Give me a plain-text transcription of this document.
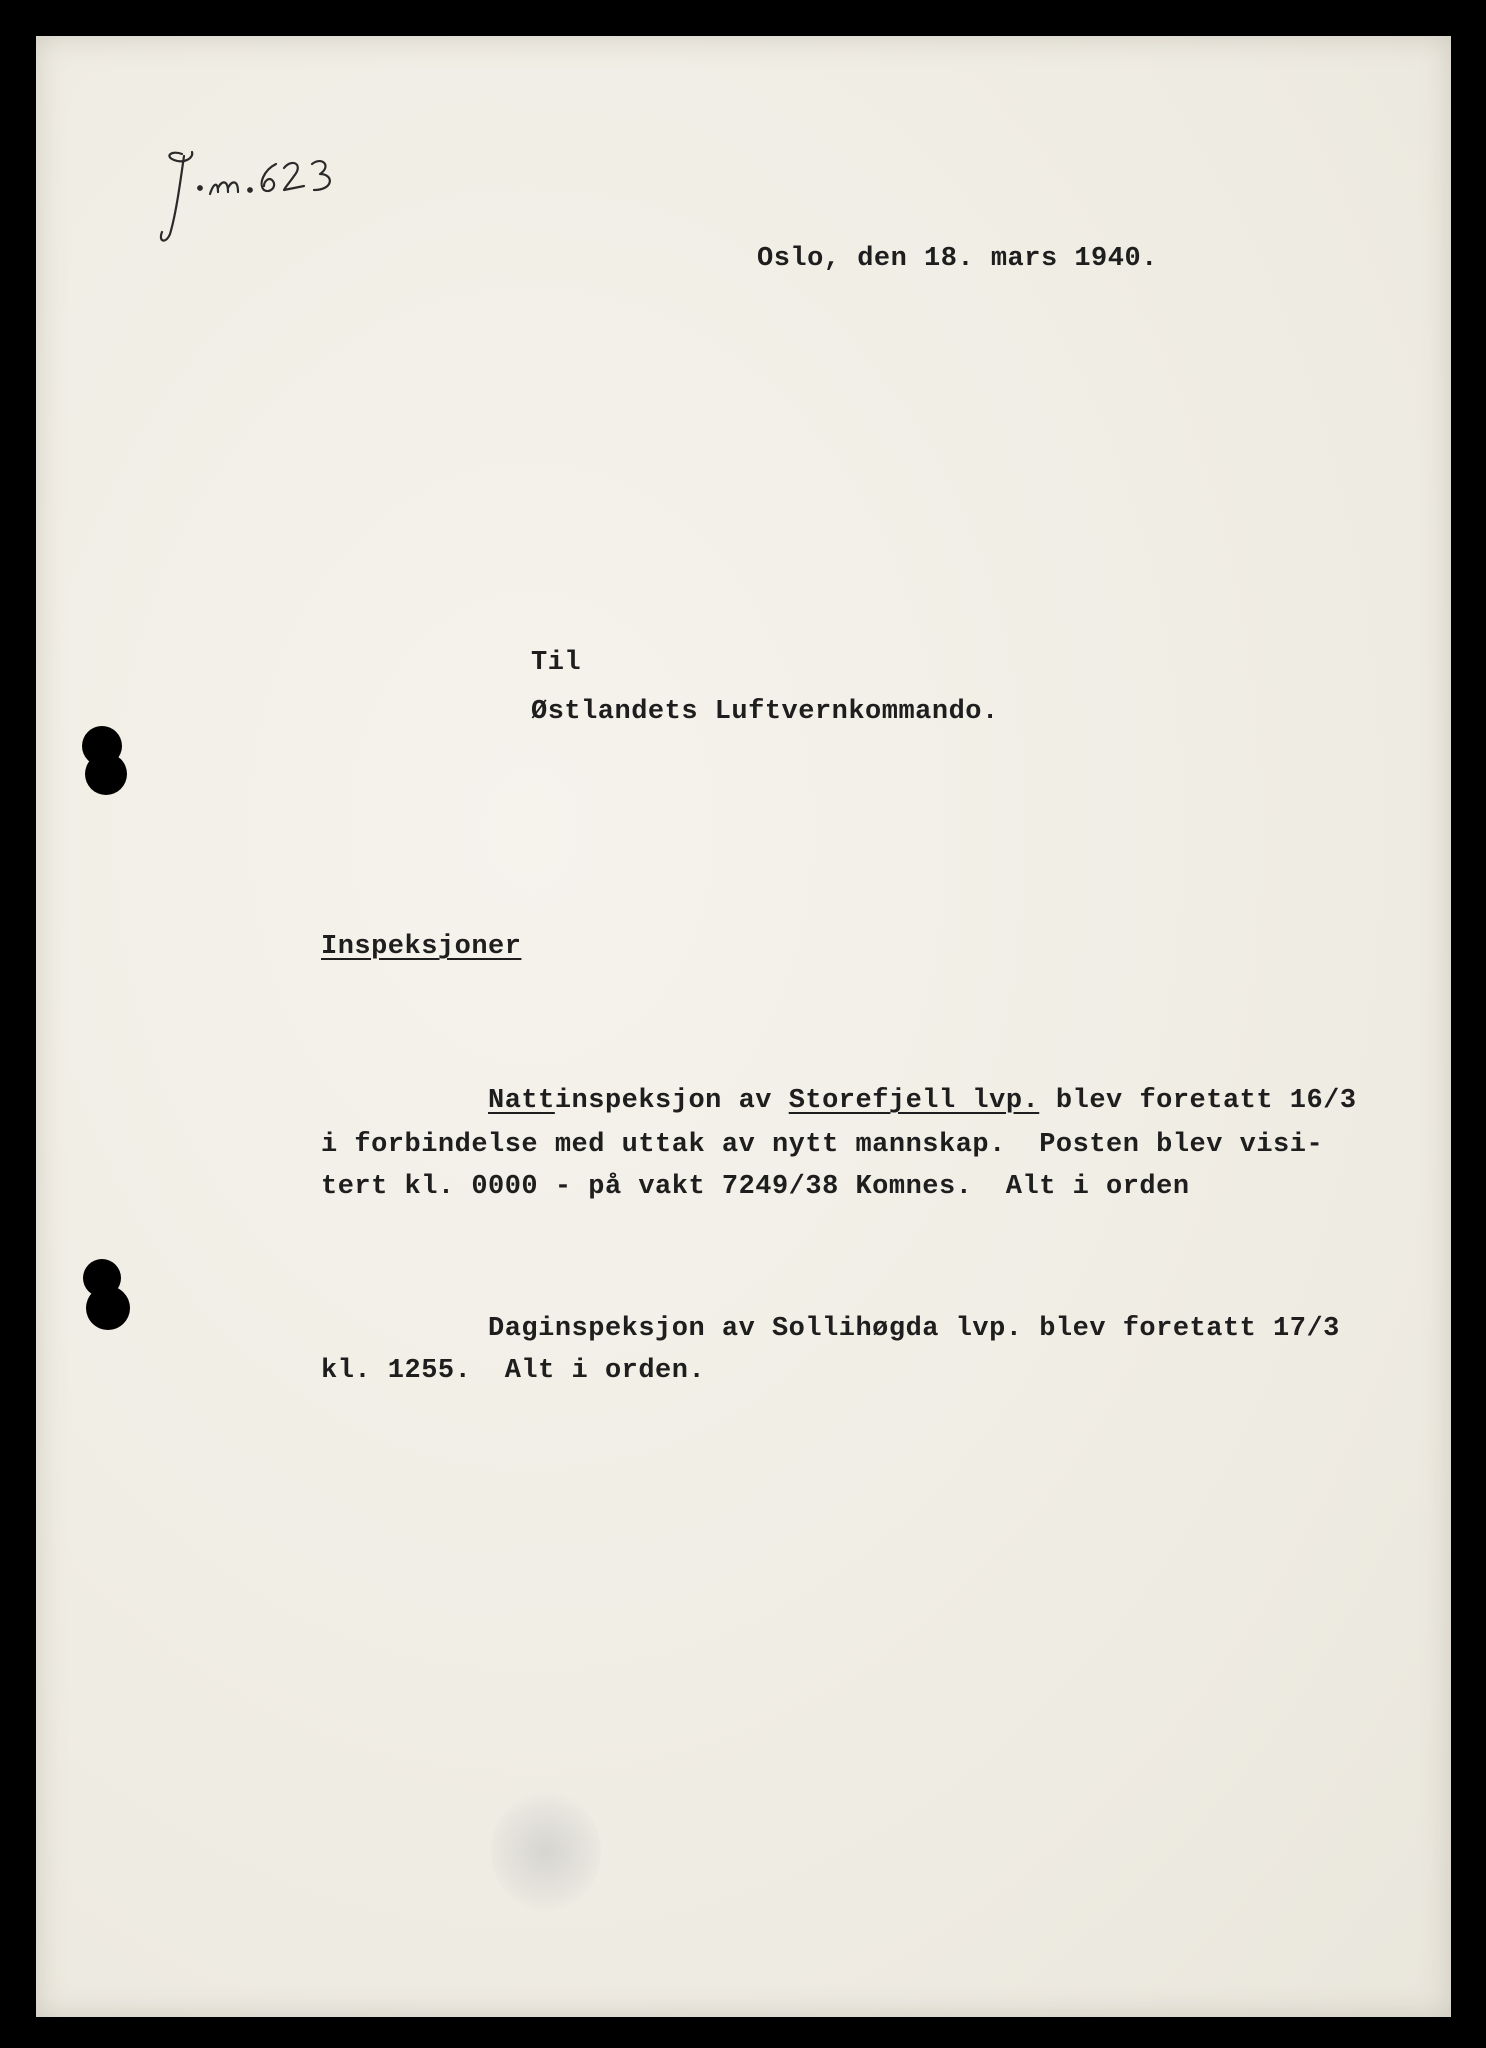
Oslo, den 18. mars 1940.
Til
Østlandets Luftvernkommando.
Inspeksjoner
Nattinspeksjon av Storefjell lvp. blev foretatt 16/3
i forbindelse med uttak av nytt mannskap.  Posten blev visi-
tert kl. 0000 - på vakt 7249/38 Komnes.  Alt i orden
Daginspeksjon av Sollihøgda lvp. blev foretatt 17/3
kl. 1255.  Alt i orden.
